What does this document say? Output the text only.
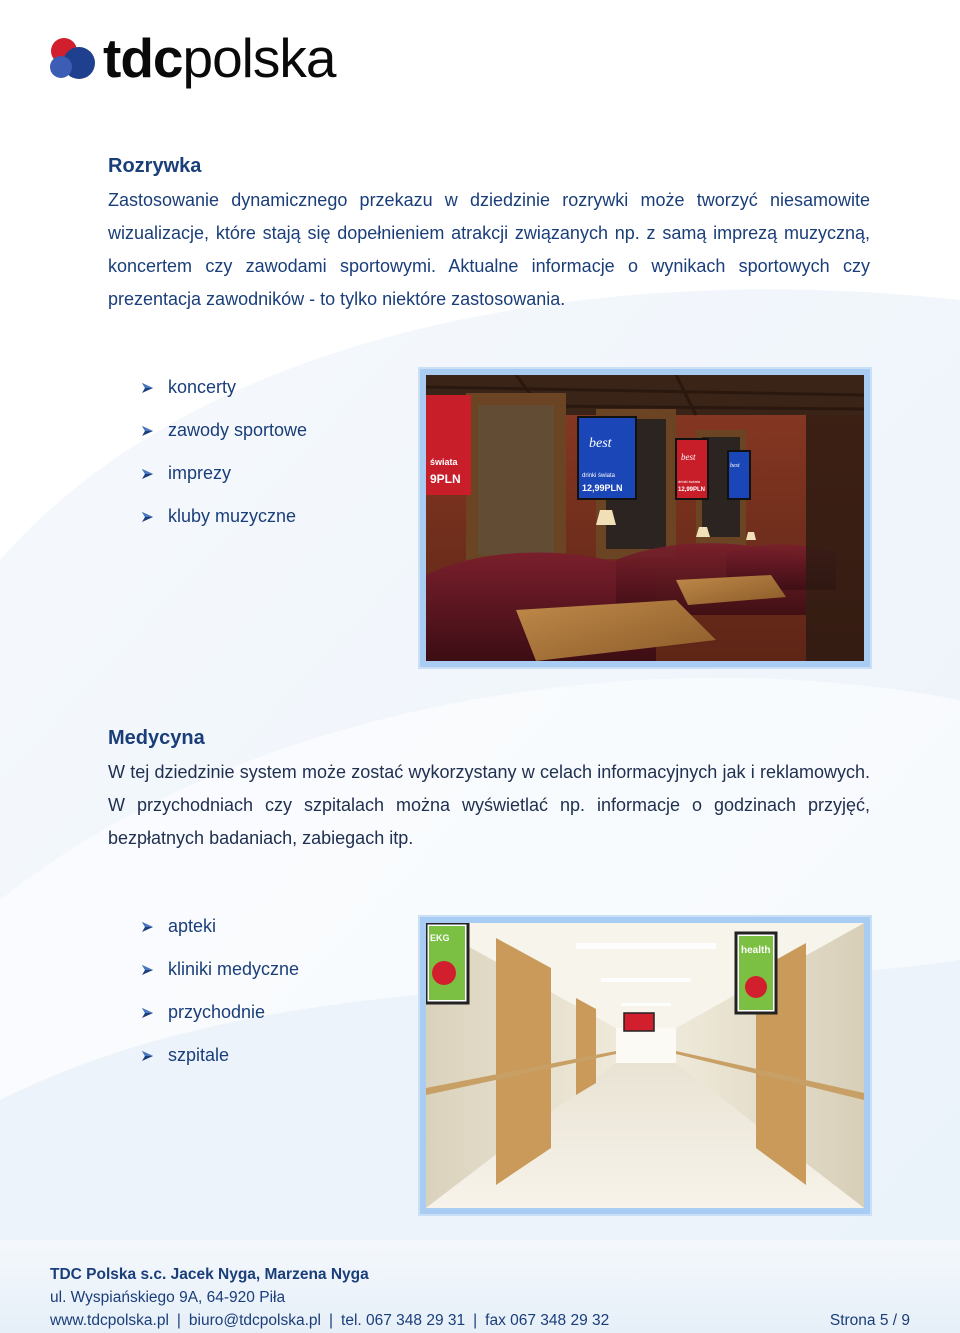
tdcpolska
Rozrywka

Zastosowanie dynamicznego przekazu w dziedzinie rozrywki może tworzyć niesamowite wizualizacje, które stają się dopełnieniem atrakcji związanych np. z samą imprezą muzyczną, koncertem czy zawodami sportowymi. Aktualne informacje o wynikach sportowych czy prezentacja zawodników - to tylko niektóre zastosowania.

koncerty
zawody sportowe
imprezy
kluby muzyczne
świata
9PLN
best
drinki świata
12,99PLN
best
drinki świata
12,99PLN
best
Medycyna

W tej dziedzinie system może zostać wykorzystany w celach informacyjnych jak i reklamowych. W przychodniach czy szpitalach można wyświetlać np. informacje o godzinach przyjęć, bezpłatnych badaniach, zabiegach itp.

apteki
kliniki medyczne
przychodnie
szpitale
EKG
health
TDC Polska s.c. Jacek Nyga, Marzena Nyga
ul. Wyspiańskiego 9A, 64-920 Piła
www.tdcpolska.pl | biuro@tdcpolska.pl | tel. 067 348 29 31 | fax 067 348 29 32	Strona 5 / 9
